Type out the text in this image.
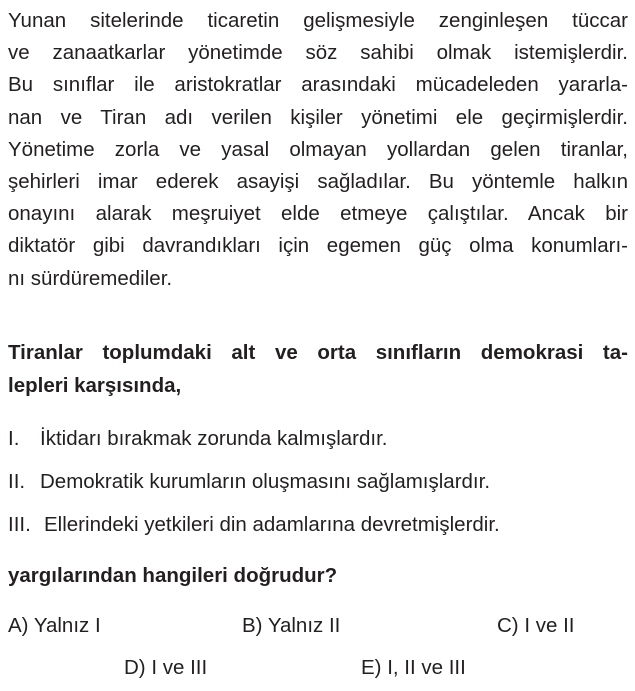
Yunan sitelerinde ticaretin gelişmesiyle zenginleşen tüccar
ve zanaatkarlar yönetimde söz sahibi olmak istemişlerdir.
Bu sınıflar ile aristokratlar arasındaki mücadeleden yararla-
nan ve Tiran adı verilen kişiler yönetimi ele geçirmişlerdir.
Yönetime zorla ve yasal olmayan yollardan gelen tiranlar,
şehirleri imar ederek asayişi sağladılar. Bu yöntemle halkın
onayını alarak meşruiyet elde etmeye çalıştılar. Ancak bir
diktatör gibi davrandıkları için egemen güç olma konumları-
nı sürdüremediler.
Tiranlar toplumdaki alt ve orta sınıfların demokrasi ta-
lepleri karşısında,
I. İktidarı bırakmak zorunda kalmışlardır.
II. Demokratik kurumların oluşmasını sağlamışlardır.
III. Ellerindeki yetkileri din adamlarına devretmişlerdir.
yargılarından hangileri doğrudur?
A) Yalnız I	B) Yalnız II	C) I ve II
D) I ve III	E) I, II ve III
